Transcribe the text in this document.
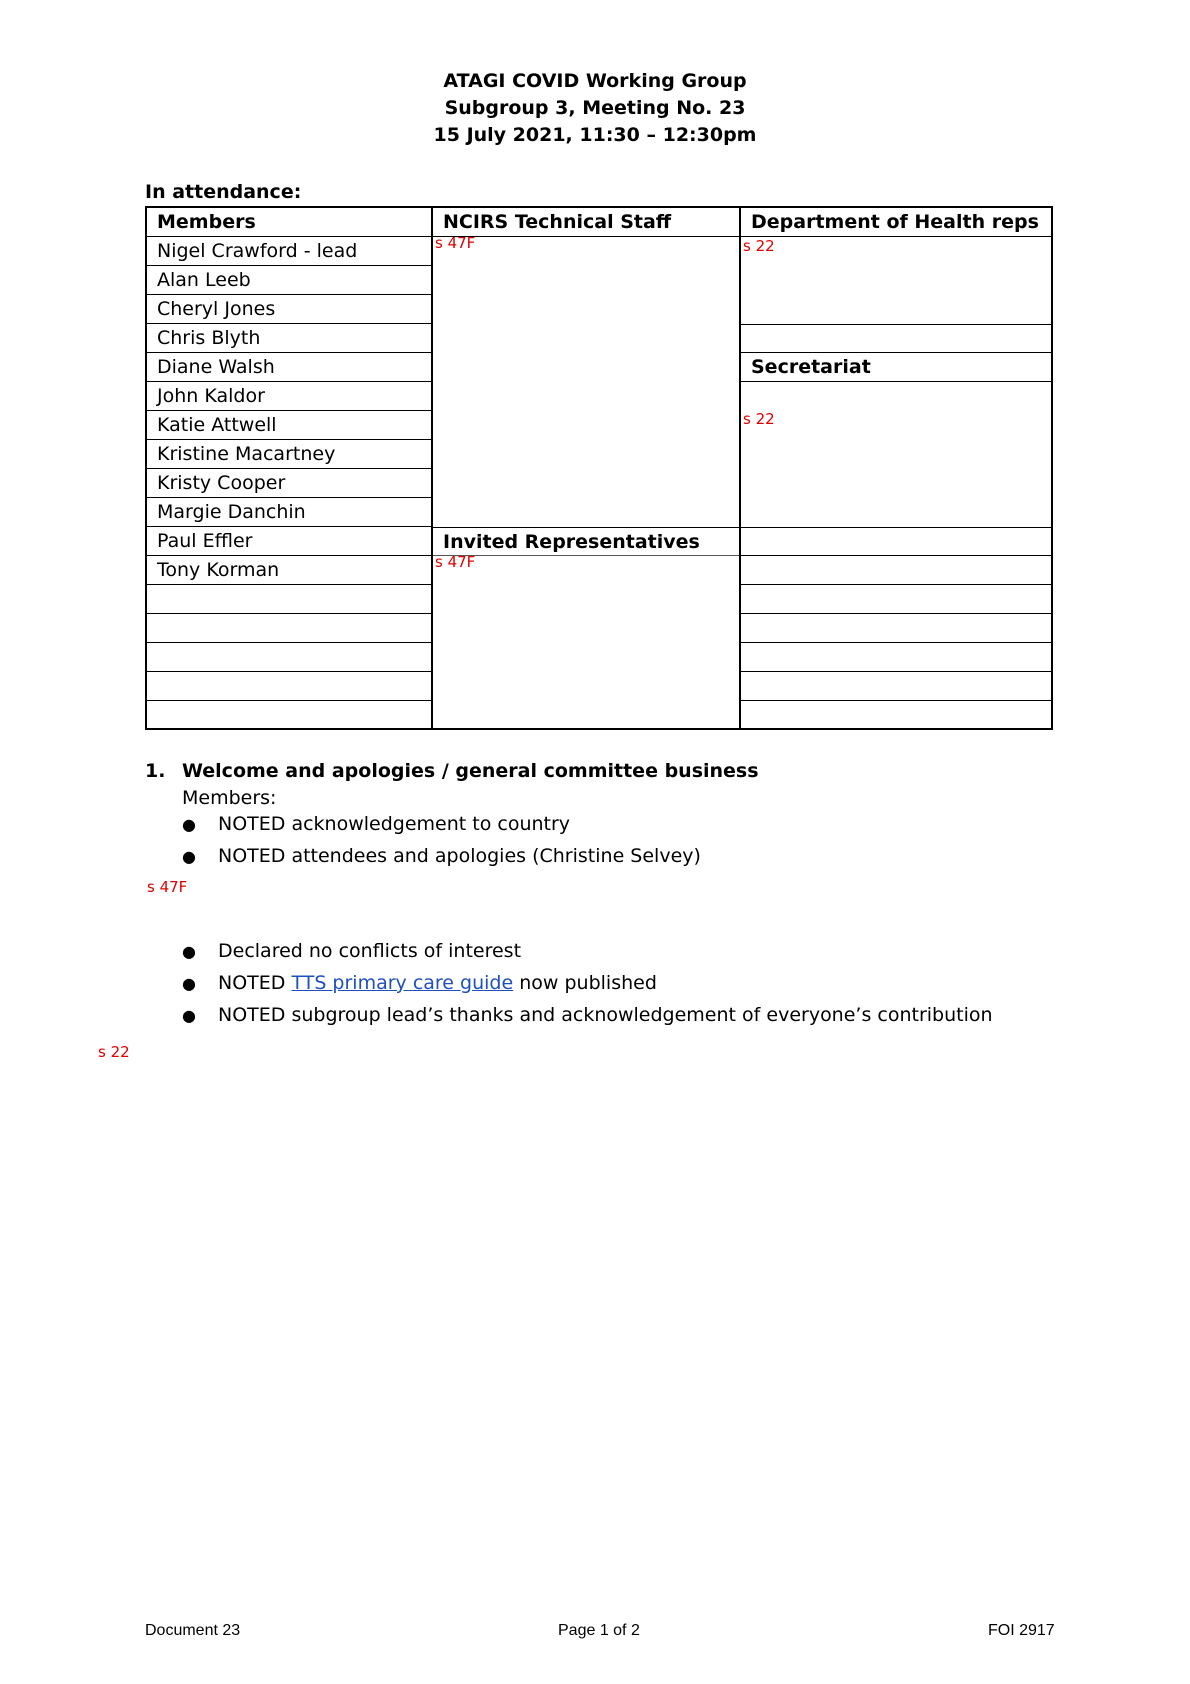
ATAGI COVID Working Group
Subgroup 3, Meeting No. 23
15 July 2021, 11:30 – 12:30pm
In attendance:
Members
Nigel Crawford - lead
Alan Leeb
Cheryl Jones
Chris Blyth
Diane Walsh
John Kaldor
Katie Attwell
Kristine Macartney
Kristy Cooper
Margie Danchin
Paul Effler
Tony Korman
NCIRS Technical Staff
s 47F
Invited Representatives
s 47F
Department of Health reps
s 22
Secretariat
s 22
1. Welcome and apologies / general committee business
Members:
● NOTED acknowledgement to country
● NOTED attendees and apologies (Christine Selvey)
s 47F
● Declared no conflicts of interest
● NOTED TTS primary care guide now published
● NOTED subgroup lead’s thanks and acknowledgement of everyone’s contribution
s 22
Document 23	Page 1 of 2	FOI 2917
